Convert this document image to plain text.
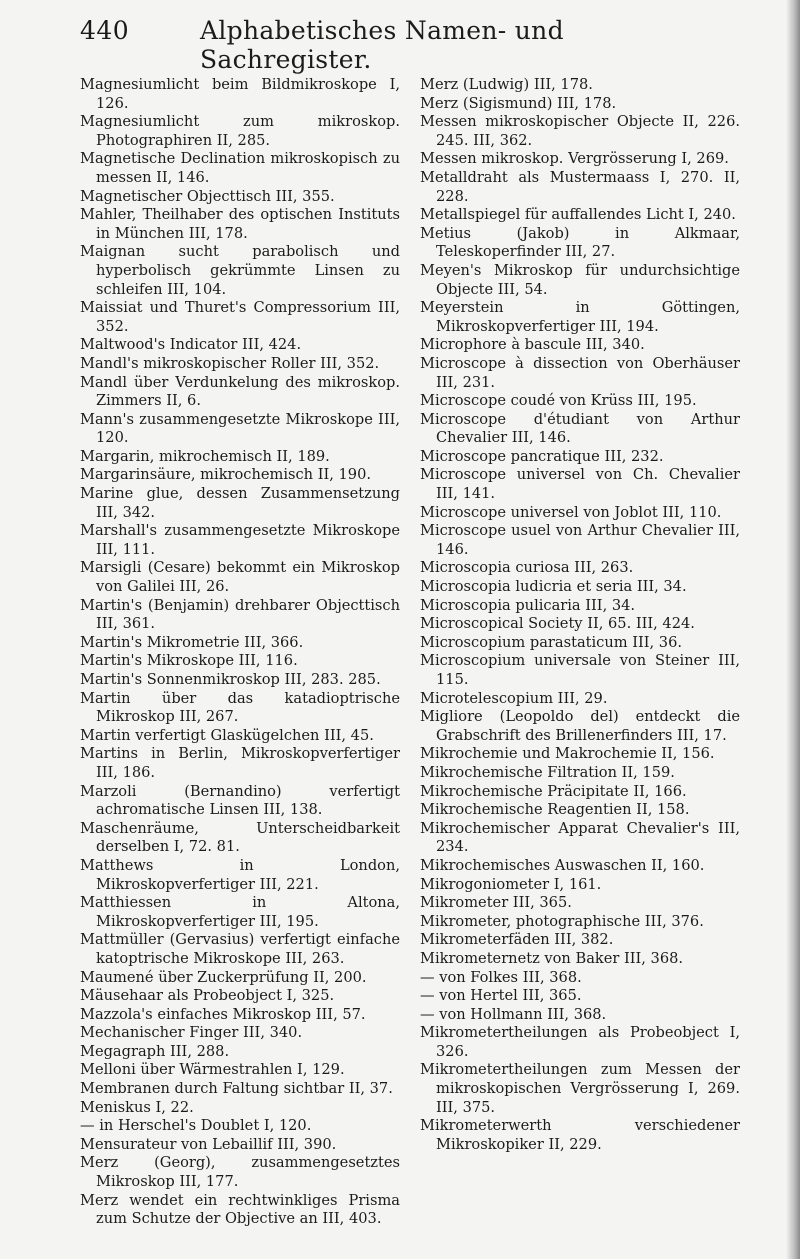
440	Alphabetisches Namen- und Sachregister.
Magnesiumlicht beim Bildmikroskope I, 126.
Magnesiumlicht zum mikroskop. Photographiren II, 285.
Magnetische Declination mikroskopisch zu messen II, 146.
Magnetischer Objecttisch III, 355.
Mahler, Theilhaber des optischen Instituts in München III, 178.
Maignan sucht parabolisch und hyperbolisch gekrümmte Linsen zu schleifen III, 104.
Maissiat und Thuret's Compressorium III, 352.
Maltwood's Indicator III, 424.
Mandl's mikroskopischer Roller III, 352.
Mandl über Verdunkelung des mikroskop. Zimmers II, 6.
Mann's zusammengesetzte Mikroskope III, 120.
Margarin, mikrochemisch II, 189.
Margarinsäure, mikrochemisch II, 190.
Marine glue, dessen Zusammensetzung III, 342.
Marshall's zusammengesetzte Mikroskope III, 111.
Marsigli (Cesare) bekommt ein Mikroskop von Galilei III, 26.
Martin's (Benjamin) drehbarer Objecttisch III, 361.
Martin's Mikrometrie III, 366.
Martin's Mikroskope III, 116.
Martin's Sonnenmikroskop III, 283. 285.
Martin über das katadioptrische Mikroskop III, 267.
Martin verfertigt Glaskügelchen III, 45.
Martins in Berlin, Mikroskopverfertiger III, 186.
Marzoli (Bernandino) verfertigt achromatische Linsen III, 138.
Maschenräume, Unterscheidbarkeit derselben I, 72. 81.
Matthews in London, Mikroskopverfertiger III, 221.
Matthiessen in Altona, Mikroskopverfertiger III, 195.
Mattmüller (Gervasius) verfertigt einfache katoptrische Mikroskope III, 263.
Maumené über Zuckerprüfung II, 200.
Mäusehaar als Probeobject I, 325.
Mazzola's einfaches Mikroskop III, 57.
Mechanischer Finger III, 340.
Megagraph III, 288.
Melloni über Wärmestrahlen I, 129.
Membranen durch Faltung sichtbar II, 37.
Meniskus I, 22.
— in Herschel's Doublet I, 120.
Mensurateur von Lebaillif III, 390.
Merz (Georg), zusammengesetztes Mikroskop III, 177.
Merz wendet ein rechtwinkliges Prisma zum Schutze der Objective an III, 403.
Merz (Ludwig) III, 178.
Merz (Sigismund) III, 178.
Messen mikroskopischer Objecte II, 226. 245. III, 362.
Messen mikroskop. Vergrösserung I, 269.
Metalldraht als Mustermaass I, 270. II, 228.
Metallspiegel für auffallendes Licht I, 240.
Metius (Jakob) in Alkmaar, Teleskoperfinder III, 27.
Meyen's Mikroskop für undurchsichtige Objecte III, 54.
Meyerstein in Göttingen, Mikroskopverfertiger III, 194.
Microphore à bascule III, 340.
Microscope à dissection von Oberhäuser III, 231.
Microscope coudé von Krüss III, 195.
Microscope d'étudiant von Arthur Chevalier III, 146.
Microscope pancratique III, 232.
Microscope universel von Ch. Chevalier III, 141.
Microscope universel von Joblot III, 110.
Microscope usuel von Arthur Chevalier III, 146.
Microscopia curiosa III, 263.
Microscopia ludicria et seria III, 34.
Microscopia pulicaria III, 34.
Microscopical Society II, 65. III, 424.
Microscopium parastaticum III, 36.
Microscopium universale von Steiner III, 115.
Microtelescopium III, 29.
Migliore (Leopoldo del) entdeckt die Grabschrift des Brillenerfinders III, 17.
Mikrochemie und Makrochemie II, 156.
Mikrochemische Filtration II, 159.
Mikrochemische Präcipitate II, 166.
Mikrochemische Reagentien II, 158.
Mikrochemischer Apparat Chevalier's III, 234.
Mikrochemisches Auswaschen II, 160.
Mikrogoniometer I, 161.
Mikrometer III, 365.
Mikrometer, photographische III, 376.
Mikrometerfäden III, 382.
Mikrometernetz von Baker III, 368.
— von Folkes III, 368.
— von Hertel III, 365.
— von Hollmann III, 368.
Mikrometertheilungen als Probeobject I, 326.
Mikrometertheilungen zum Messen der mikroskopischen Vergrösserung I, 269. III, 375.
Mikrometerwerth verschiedener Mikroskopiker II, 229.
